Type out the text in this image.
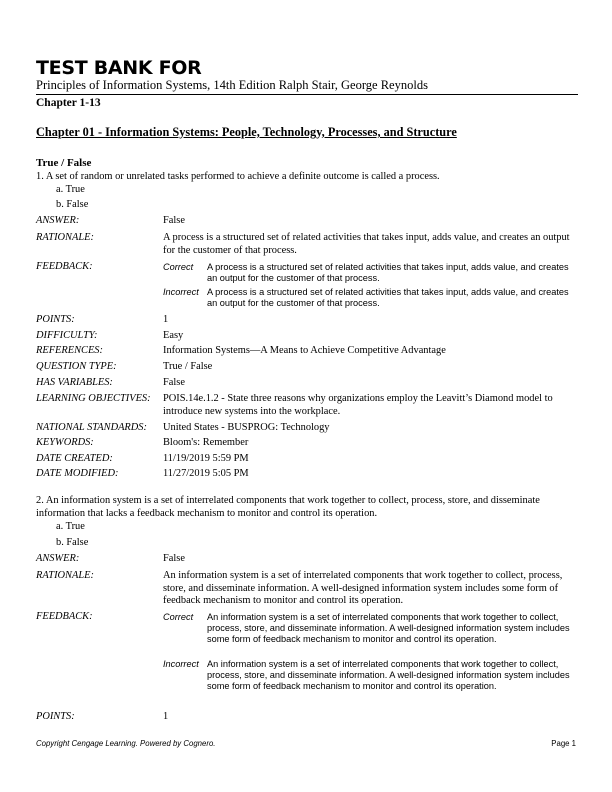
TEST BANK FOR
Principles of Information Systems, 14th Edition Ralph Stair, George Reynolds
Chapter 1-13
Chapter 01 - Information Systems: People, Technology, Processes, and Structure
True / False
1. A set of random or unrelated tasks performed to achieve a definite outcome is called a process.
a. True
b. False
ANSWER:	False
RATIONALE:	A process is a structured set of related activities that takes input, adds value, and creates an output for the customer of that process.
FEEDBACK:	Correct A process is a structured set of related activities that takes input, adds value, and creates an output for the customer of that process.
Incorrect A process is a structured set of related activities that takes input, adds value, and creates an output for the customer of that process.
POINTS:	1
DIFFICULTY:	Easy
REFERENCES:	Information Systems—A Means to Achieve Competitive Advantage
QUESTION TYPE:	True / False
HAS VARIABLES:	False
LEARNING OBJECTIVES: POIS.14e.1.2 - State three reasons why organizations employ the Leavitt’s Diamond model to introduce new systems into the workplace.
NATIONAL STANDARDS: United States - BUSPROG: Technology
KEYWORDS:	Bloom's: Remember
DATE CREATED:	11/19/2019 5:59 PM
DATE MODIFIED:	11/27/2019 5:05 PM
2. An information system is a set of interrelated components that work together to collect, process, store, and disseminate information that lacks a feedback mechanism to monitor and control its operation.
a. True
b. False
ANSWER:	False
RATIONALE:	An information system is a set of interrelated components that work together to collect, process, store, and disseminate information. A well-designed information system includes some form of feedback mechanism to monitor and control its operation.
FEEDBACK:	Correct An information system is a set of interrelated components that work together to collect, process, store, and disseminate information. A well-designed information system includes some form of feedback mechanism to monitor and control its operation.
Incorrect An information system is a set of interrelated components that work together to collect, process, store, and disseminate information. A well-designed information system includes some form of feedback mechanism to monitor and control its operation.
POINTS:	1
Copyright Cengage Learning. Powered by Cognero.	Page 1
